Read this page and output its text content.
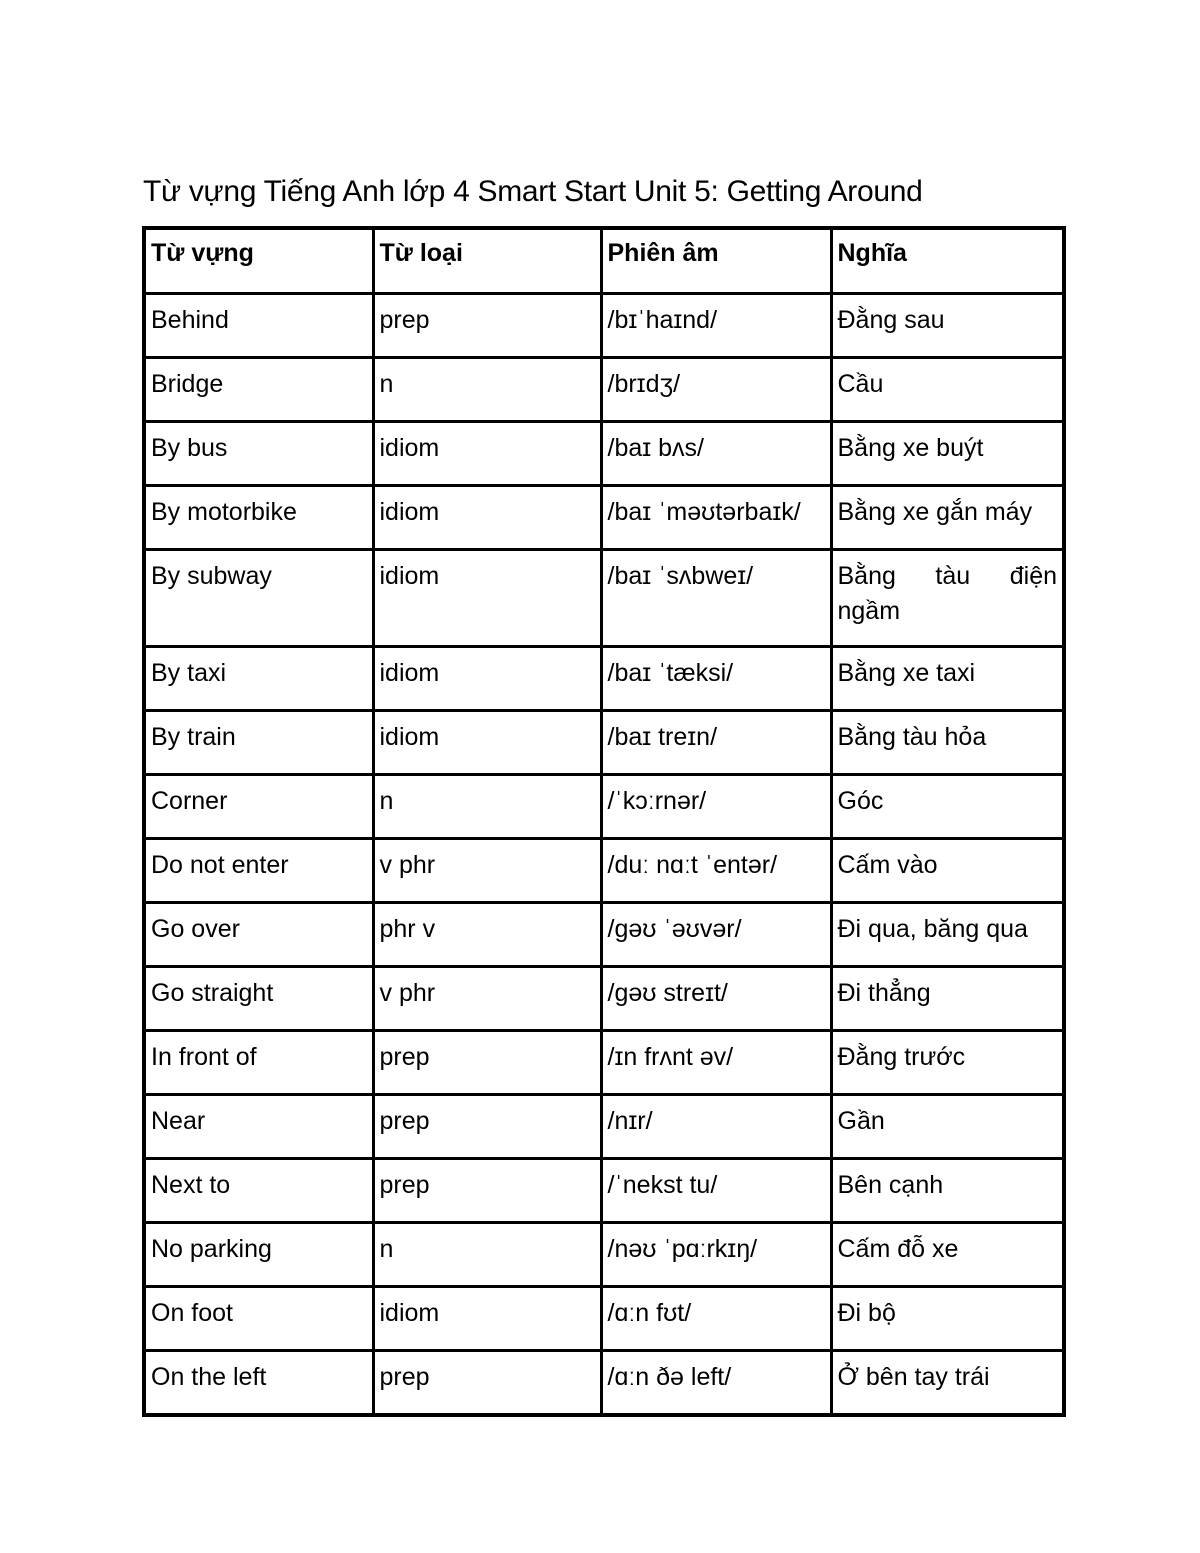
Từ vựng Tiếng Anh lớp 4 Smart Start Unit 5: Getting Around
Từ vựng	Từ loại	Phiên âm	Nghĩa

Behind	prep	/bɪˈhaɪnd/	Đằng sau

Bridge	n	/brɪdʒ/	Cầu

By bus	idiom	/baɪ bʌs/	Bằng xe buýt

By motorbike	idiom	/baɪ ˈməʊtərbaɪk/	Bằng xe gắn máy

By subway	idiom	/baɪ ˈsʌbweɪ/	Bằng tàu điện ngầm

By taxi	idiom	/baɪ ˈtæksi/	Bằng xe taxi

By train	idiom	/baɪ treɪn/	Bằng tàu hỏa

Corner	n	/ˈkɔːrnər/	Góc

Do not enter	v phr	/duː nɑːt ˈentər/	Cấm vào

Go over	phr v	/gəʊ ˈəʊvər/	Đi qua, băng qua

Go straight	v phr	/gəʊ streɪt/	Đi thẳng

In front of	prep	/ɪn frʌnt əv/	Đằng trước

Near	prep	/nɪr/	Gần

Next to	prep	/ˈnekst tu/	Bên cạnh

No parking	n	/nəʊ ˈpɑːrkɪŋ/	Cấm đỗ xe

On foot	idiom	/ɑːn fʊt/	Đi bộ

On the left	prep	/ɑːn ðə left/	Ở bên tay trái
